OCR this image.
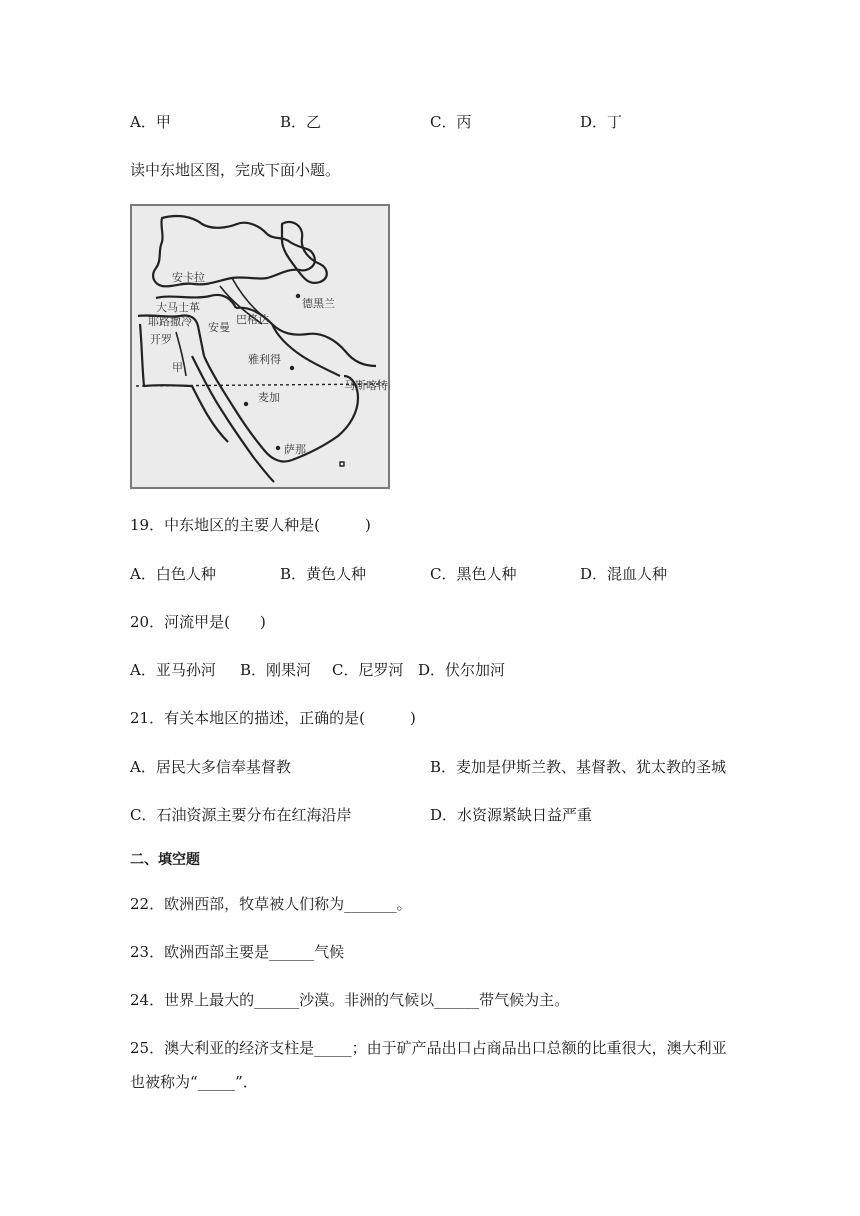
A．甲	B．乙	C．丙	D．丁
读中东地区图，完成下面小题。
安卡拉
德黑兰
大马士革
耶路撒冷 安曼
巴格达
开罗
甲
雅利得
麦加
马斯喀特
萨那
19．中东地区的主要人种是(　　　)
A．白色人种	B．黄色人种	C．黑色人种	D．混血人种
20．河流甲是(　　)
A．亚马孙河 B．刚果河 C．尼罗河 D．伏尔加河
21．有关本地区的描述，正确的是(　　　)
A．居民大多信奉基督教	B．麦加是伊斯兰教、基督教、犹太教的圣城
C．石油资源主要分布在红海沿岸	D．水资源紧缺日益严重
二、填空题
22．欧洲西部，牧草被人们称为_______。
23．欧洲西部主要是______气候
24．世界上最大的______沙漠。非洲的气候以______带气候为主。
25．澳大利亚的经济支柱是_____；由于矿产品出口占商品出口总额的比重很大，澳大利亚
也被称为“_____”．
